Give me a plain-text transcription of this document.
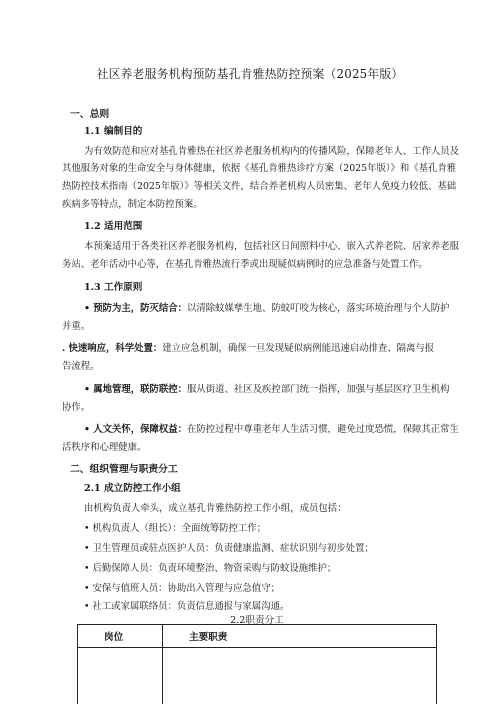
社区养老服务机构预防基孔肯雅热防控预案（2025年版）
一、总则
1.1 编制目的
为有效防范和应对基孔肯雅热在社区养老服务机构内的传播风险，保障老年人、工作人员及
其他服务对象的生命安全与身体健康，依据《基孔肯雅热诊疗方案（2025年版）》和《基孔肯雅
热防控技术指南（2025年版）》等相关文件，结合养老机构人员密集、老年人免疫力较低、基础
疾病多等特点，制定本防控预案。
1.2 适用范围
本预案适用于各类社区养老服务机构，包括社区日间照料中心、嵌入式养老院、居家养老服
务站、老年活动中心等，在基孔肯雅热流行季或出现疑似病例时的应急准备与处置工作。
1.3 工作原则
• 预防为主，防灭结合：以清除蚊媒孳生地、防蚊叮咬为核心，落实环境治理与个人防护
并重。
. 快速响应，科学处置：建立应急机制，确保一旦发现疑似病例能迅速启动排查、隔离与报
告流程。
• 属地管理，联防联控：服从街道、社区及疾控部门统一指挥，加强与基层医疗卫生机构
协作。
• 人文关怀，保障权益：在防控过程中尊重老年人生活习惯，避免过度恐慌，保障其正常生
活秩序和心理健康。
二、组织管理与职责分工
2.1 成立防控工作小组
由机构负责人牵头，成立基孔肯雅热防控工作小组，成员包括：
• 机构负责人（组长）：全面统筹防控工作；
• 卫生管理员或驻点医护人员：负责健康监测、症状识别与初步处置；
• 后勤保障人员：负责环境整治、物资采购与防蚊设施维护；
• 安保与值班人员：协助出入管理与应急值守；
• 社工或家属联络员：负责信息通报与家属沟通。
2.2职责分工
岗位	主要职责
